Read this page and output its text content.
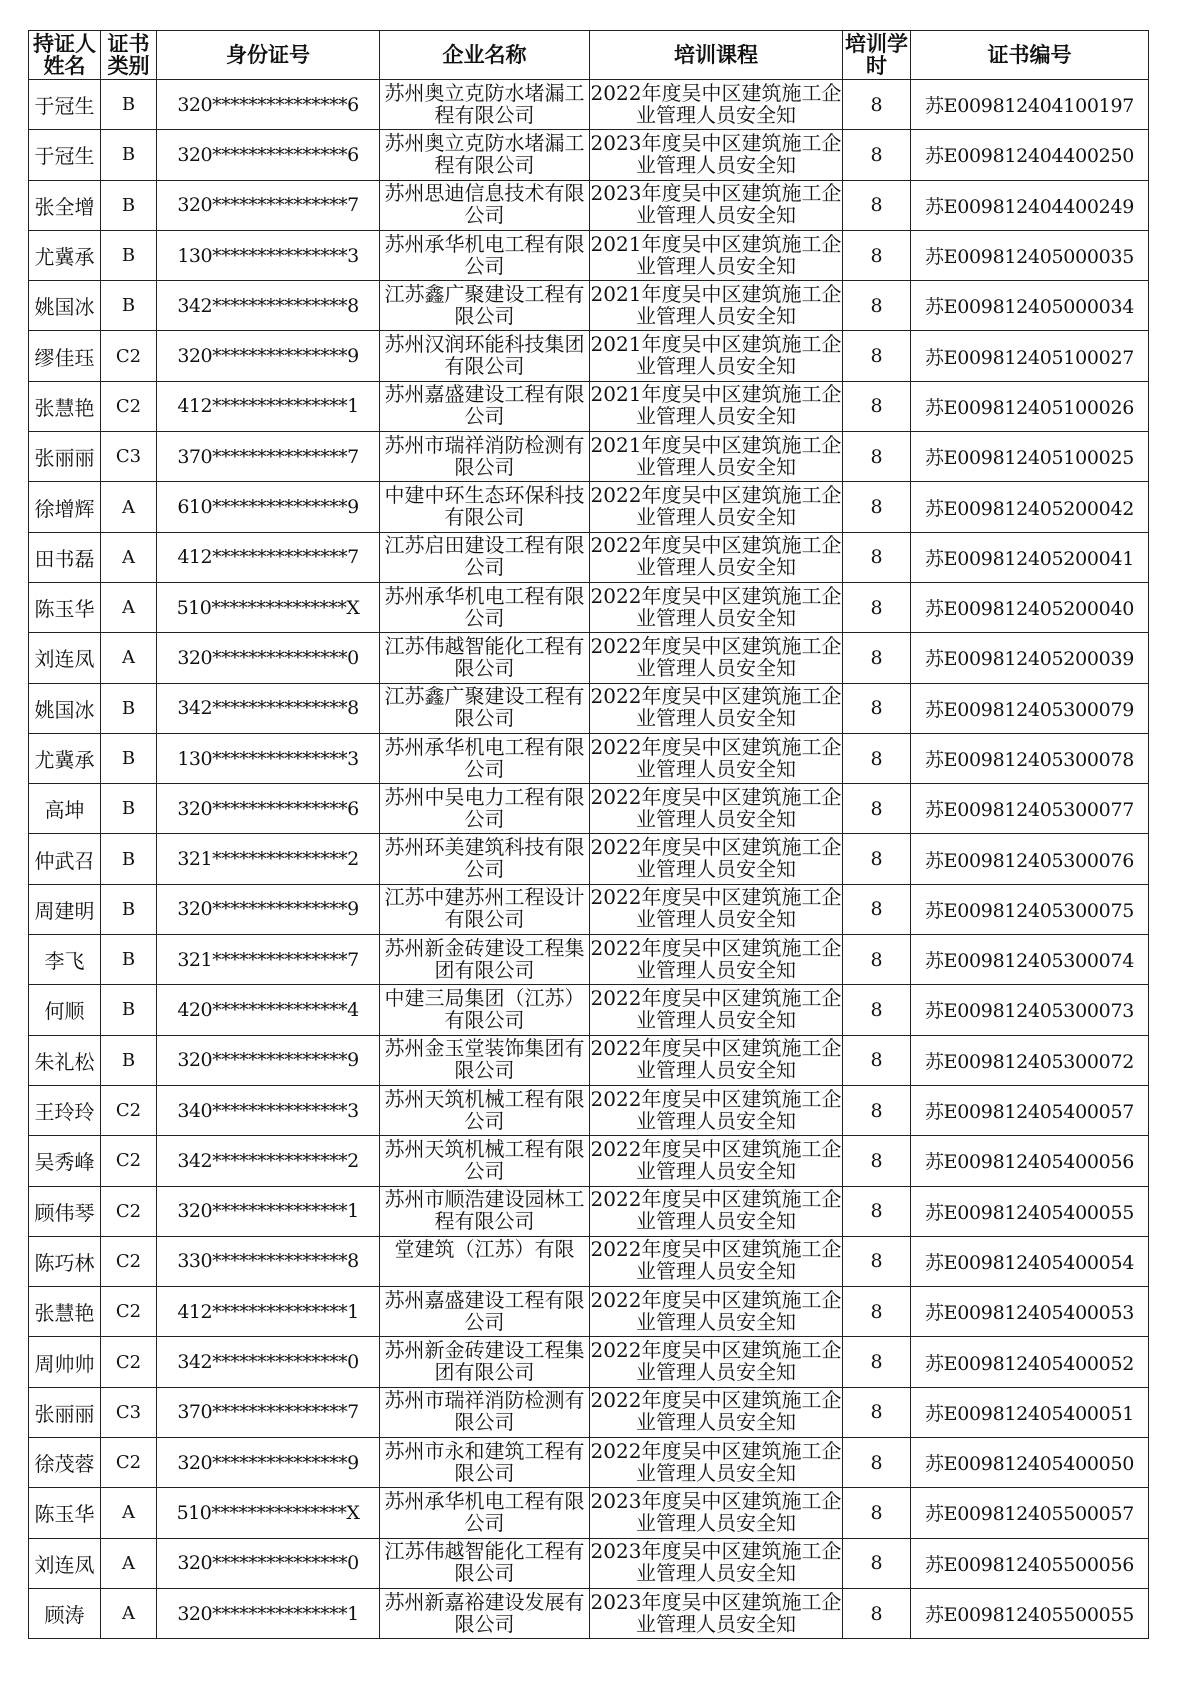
持证人姓名	证书类别	身份证号	企业名称	培训课程	培训学时	证书编号
于冠生	B	320***************6	苏州奥立克防水堵漏工程有限公司	2022年度吴中区建筑施工企业管理人员安全知	8	苏E009812404100197
于冠生	B	320***************6	苏州奥立克防水堵漏工程有限公司	2023年度吴中区建筑施工企业管理人员安全知	8	苏E009812404400250
张全增	B	320***************7	苏州思迪信息技术有限公司	2023年度吴中区建筑施工企业管理人员安全知	8	苏E009812404400249
尤冀承	B	130***************3	苏州承华机电工程有限公司	2021年度吴中区建筑施工企业管理人员安全知	8	苏E009812405000035
姚国冰	B	342***************8	江苏鑫广聚建设工程有限公司	2021年度吴中区建筑施工企业管理人员安全知	8	苏E009812405000034
缪佳珏	C2	320***************9	苏州汉润环能科技集团有限公司	2021年度吴中区建筑施工企业管理人员安全知	8	苏E009812405100027
张慧艳	C2	412***************1	苏州嘉盛建设工程有限公司	2021年度吴中区建筑施工企业管理人员安全知	8	苏E009812405100026
张丽丽	C3	370***************7	苏州市瑞祥消防检测有限公司	2021年度吴中区建筑施工企业管理人员安全知	8	苏E009812405100025
徐增辉	A	610***************9	中建中环生态环保科技有限公司	2022年度吴中区建筑施工企业管理人员安全知	8	苏E009812405200042
田书磊	A	412***************7	江苏启田建设工程有限公司	2022年度吴中区建筑施工企业管理人员安全知	8	苏E009812405200041
陈玉华	A	510***************X	苏州承华机电工程有限公司	2022年度吴中区建筑施工企业管理人员安全知	8	苏E009812405200040
刘连凤	A	320***************0	江苏伟越智能化工程有限公司	2022年度吴中区建筑施工企业管理人员安全知	8	苏E009812405200039
姚国冰	B	342***************8	江苏鑫广聚建设工程有限公司	2022年度吴中区建筑施工企业管理人员安全知	8	苏E009812405300079
尤冀承	B	130***************3	苏州承华机电工程有限公司	2022年度吴中区建筑施工企业管理人员安全知	8	苏E009812405300078
高坤	B	320***************6	苏州中吴电力工程有限公司	2022年度吴中区建筑施工企业管理人员安全知	8	苏E009812405300077
仲武召	B	321***************2	苏州环美建筑科技有限公司	2022年度吴中区建筑施工企业管理人员安全知	8	苏E009812405300076
周建明	B	320***************9	江苏中建苏州工程设计有限公司	2022年度吴中区建筑施工企业管理人员安全知	8	苏E009812405300075
李飞	B	321***************7	苏州新金砖建设工程集团有限公司	2022年度吴中区建筑施工企业管理人员安全知	8	苏E009812405300074
何顺	B	420***************4	中建三局集团（江苏）有限公司	2022年度吴中区建筑施工企业管理人员安全知	8	苏E009812405300073
朱礼松	B	320***************9	苏州金玉堂装饰集团有限公司	2022年度吴中区建筑施工企业管理人员安全知	8	苏E009812405300072
王玲玲	C2	340***************3	苏州天筑机械工程有限公司	2022年度吴中区建筑施工企业管理人员安全知	8	苏E009812405400057
吴秀峰	C2	342***************2	苏州天筑机械工程有限公司	2022年度吴中区建筑施工企业管理人员安全知	8	苏E009812405400056
顾伟琴	C2	320***************1	苏州市顺浩建设园林工程有限公司	2022年度吴中区建筑施工企业管理人员安全知	8	苏E009812405400055
陈巧林	C2	330***************8	堂建筑（江苏）有限	2022年度吴中区建筑施工企业管理人员安全知	8	苏E009812405400054
张慧艳	C2	412***************1	苏州嘉盛建设工程有限公司	2022年度吴中区建筑施工企业管理人员安全知	8	苏E009812405400053
周帅帅	C2	342***************0	苏州新金砖建设工程集团有限公司	2022年度吴中区建筑施工企业管理人员安全知	8	苏E009812405400052
张丽丽	C3	370***************7	苏州市瑞祥消防检测有限公司	2022年度吴中区建筑施工企业管理人员安全知	8	苏E009812405400051
徐茂蓉	C2	320***************9	苏州市永和建筑工程有限公司	2022年度吴中区建筑施工企业管理人员安全知	8	苏E009812405400050
陈玉华	A	510***************X	苏州承华机电工程有限公司	2023年度吴中区建筑施工企业管理人员安全知	8	苏E009812405500057
刘连凤	A	320***************0	江苏伟越智能化工程有限公司	2023年度吴中区建筑施工企业管理人员安全知	8	苏E009812405500056
顾涛	A	320***************1	苏州新嘉裕建设发展有限公司	2023年度吴中区建筑施工企业管理人员安全知	8	苏E009812405500055
